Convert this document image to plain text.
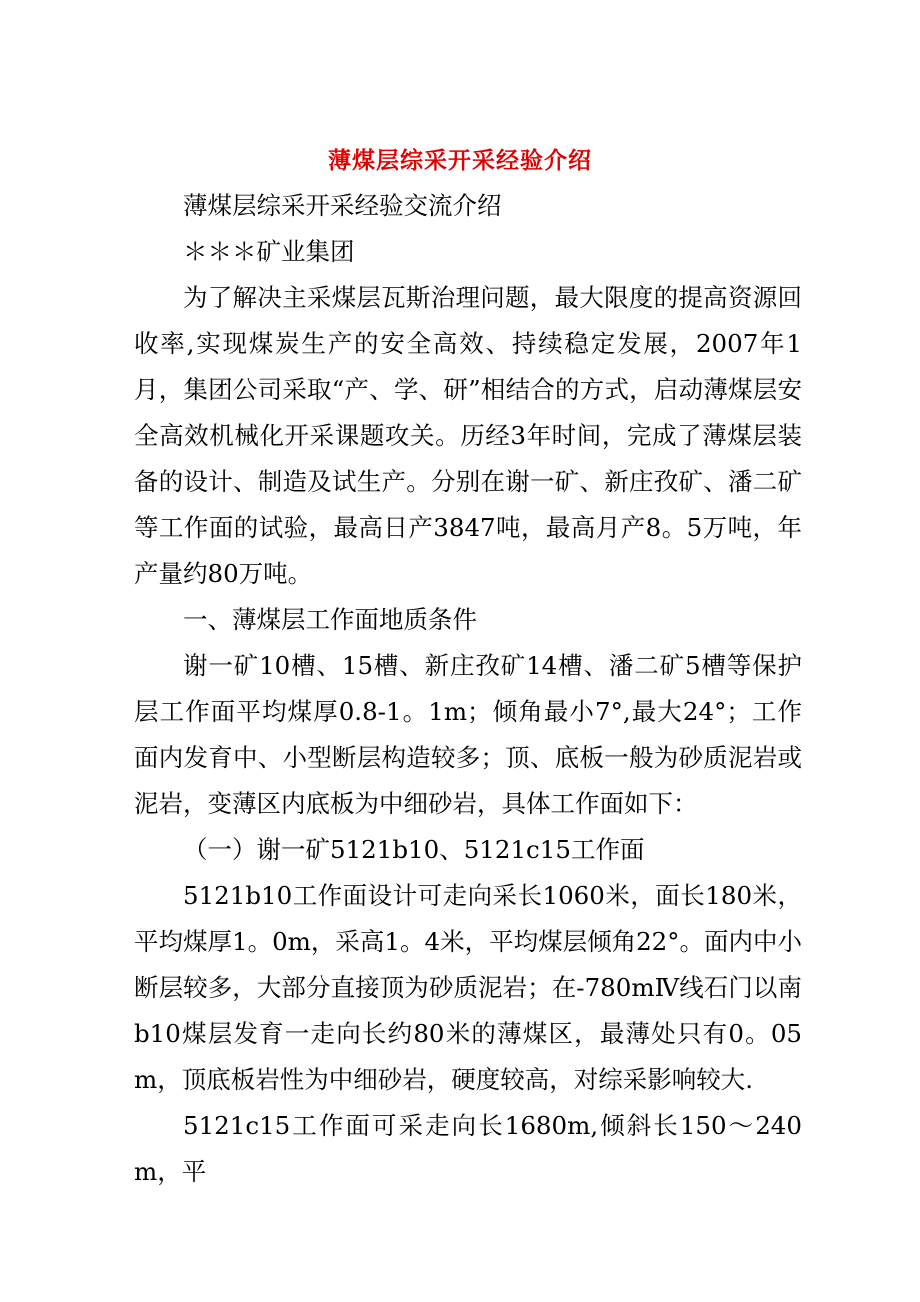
薄煤层综采开采经验介绍

薄煤层综采开采经验交流介绍

＊＊＊矿业集团

为了解决主采煤层瓦斯治理问题，最大限度的提高资源回收率,实现煤炭生产的安全高效、持续稳定发展，2007年1月，集团公司采取“产、学、研”相结合的方式，启动薄煤层安全高效机械化开采课题攻关。历经3年时间，完成了薄煤层装备的设计、制造及试生产。分别在谢一矿、新庄孜矿、潘二矿等工作面的试验，最高日产3847吨，最高月产8。5万吨，年产量约80万吨。

一、薄煤层工作面地质条件

谢一矿10槽、15槽、新庄孜矿14槽、潘二矿5槽等保护层工作面平均煤厚0.8-1。1m；倾角最小7°,最大24°；工作面内发育中、小型断层构造较多；顶、底板一般为砂质泥岩或泥岩，变薄区内底板为中细砂岩，具体工作面如下：

（一）谢一矿5121b10、5121c15工作面

5121b10工作面设计可走向采长1060米，面长180米，平均煤厚1。0m，采高1。4米，平均煤层倾角22°。面内中小断层较多，大部分直接顶为砂质泥岩；在-780mⅣ线石门以南b10煤层发育一走向长约80米的薄煤区，最薄处只有0。05m，顶底板岩性为中细砂岩，硬度较高，对综采影响较大.

5121c15工作面可采走向长1680m,倾斜长150～240m，平
